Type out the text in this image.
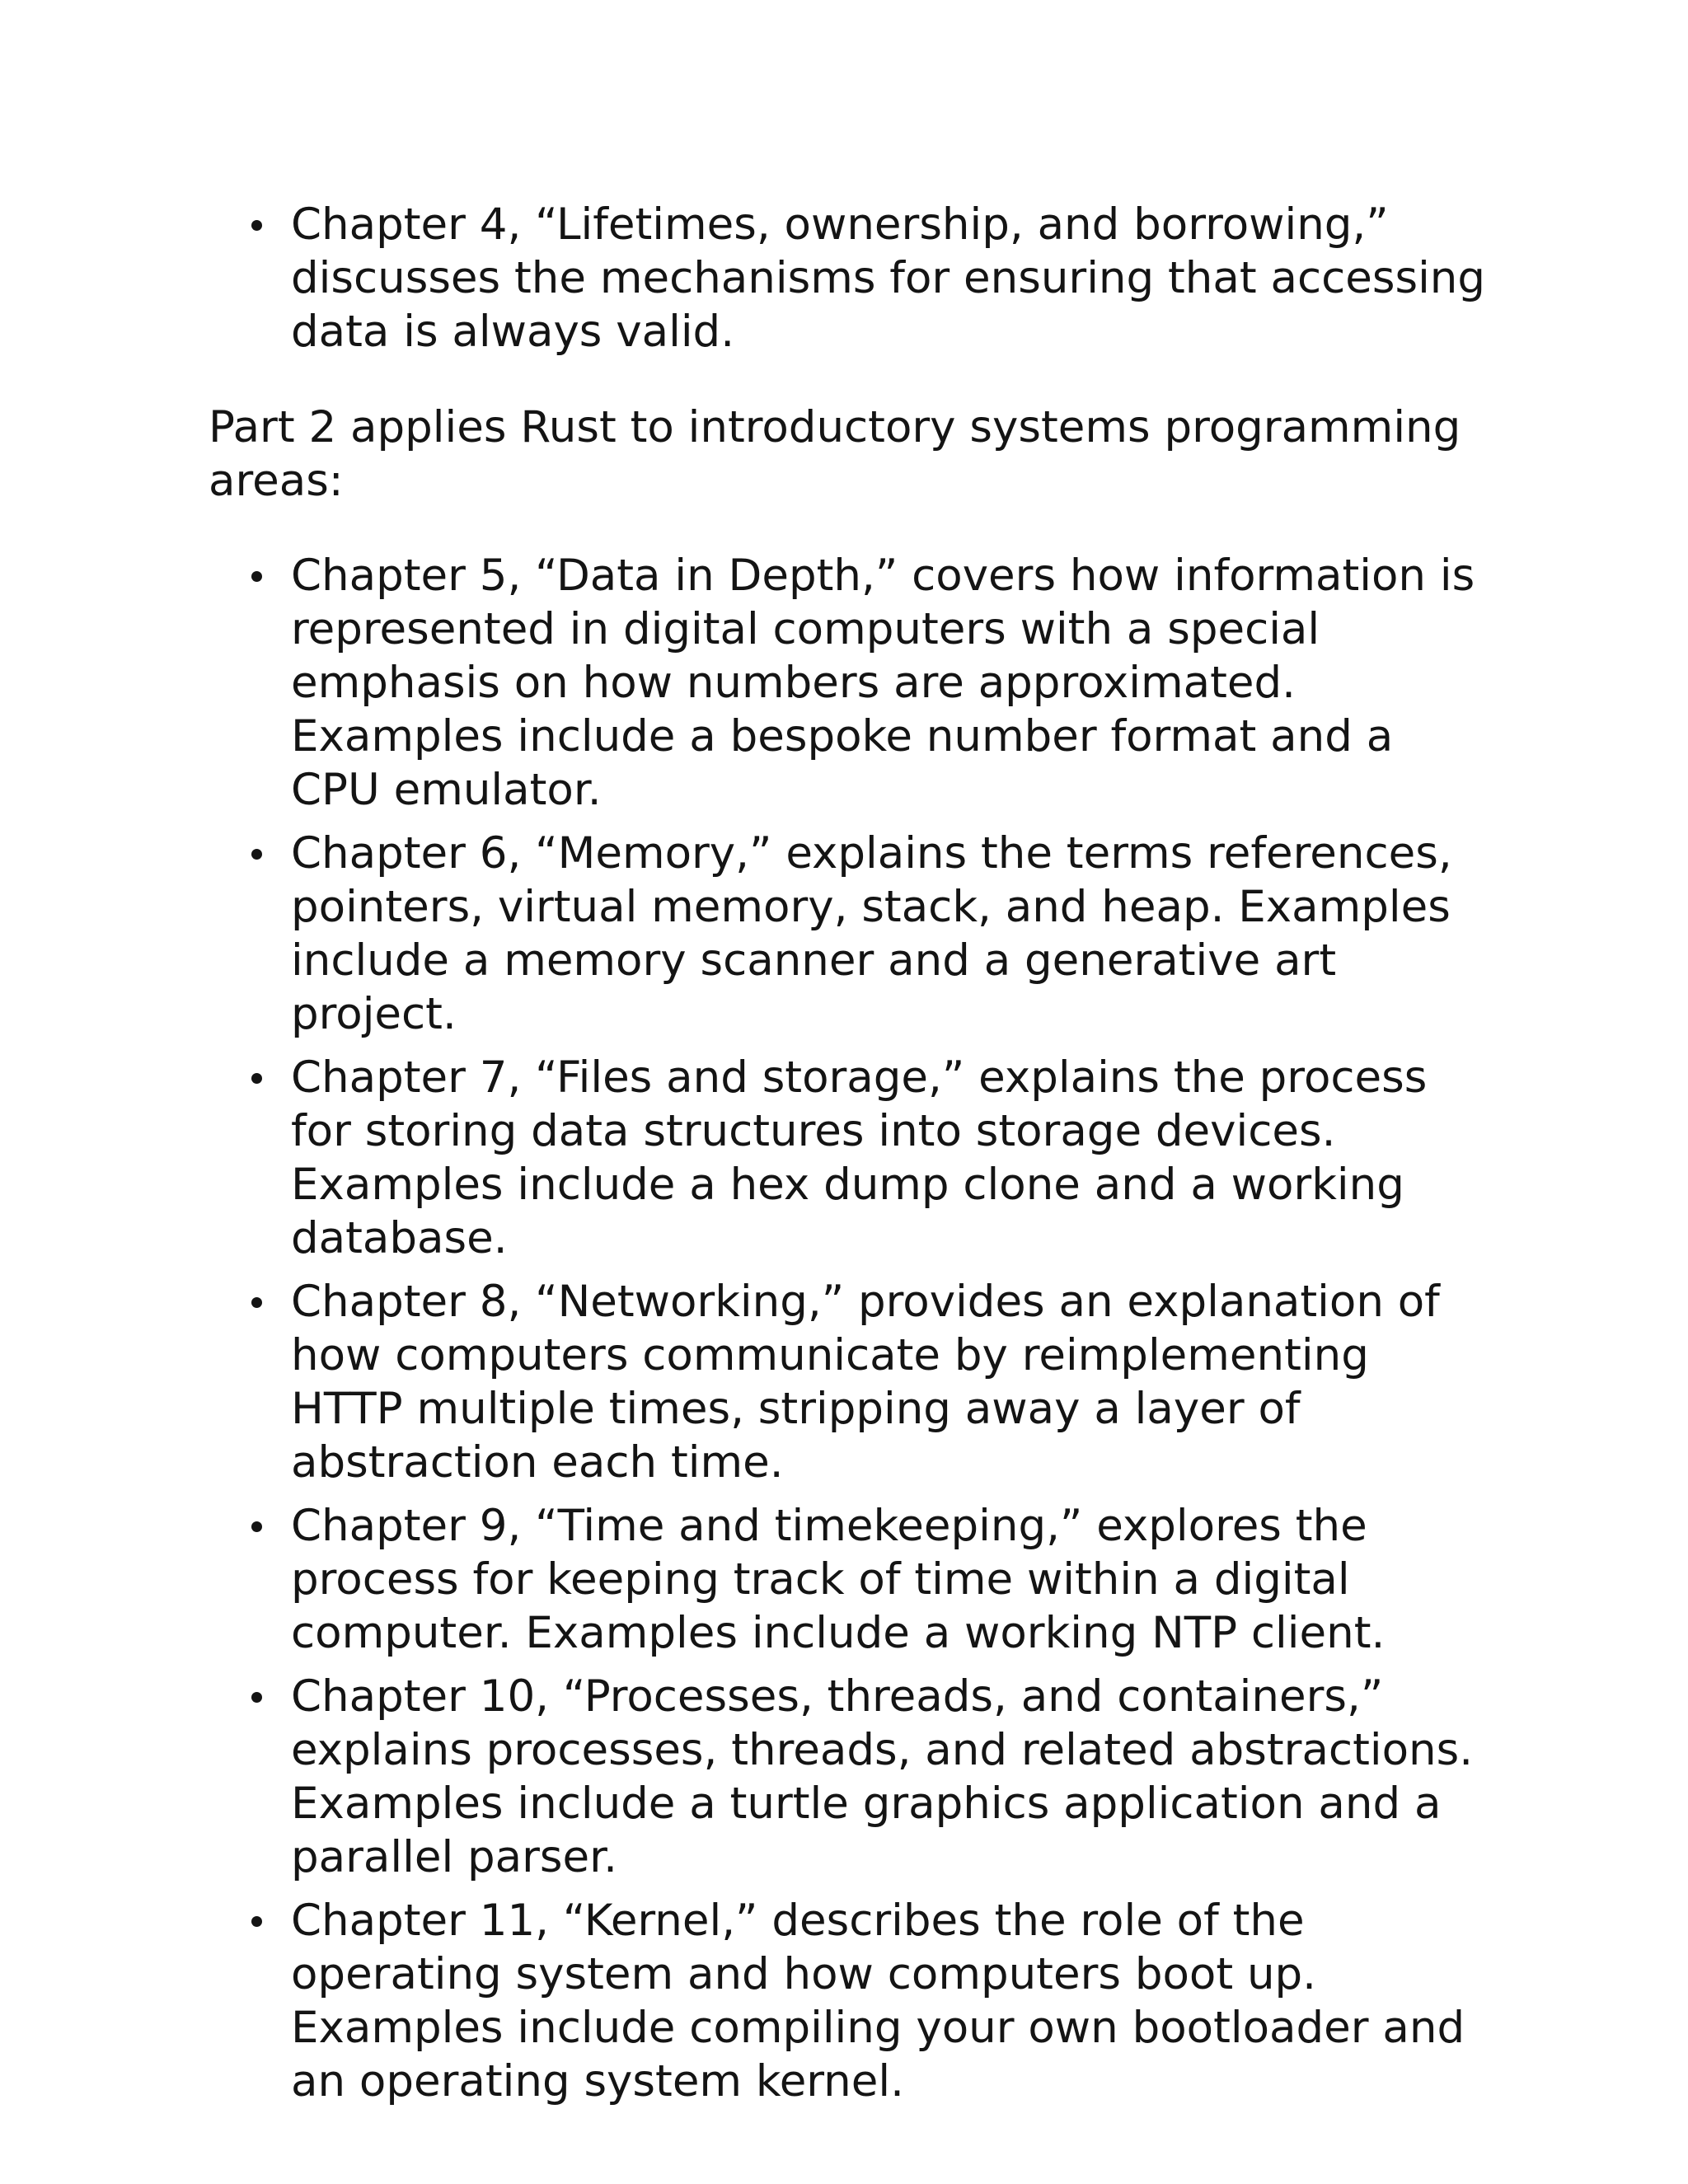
Chapter 4, “Lifetimes, ownership, and borrowing,” discusses the mechanisms for ensuring that accessing data is always valid.

Part 2 applies Rust to introductory systems programming areas:

Chapter 5, “Data in Depth,” covers how information is represented in digital computers with a special emphasis on how numbers are approximated. Examples include a bespoke number format and a CPU emulator.
Chapter 6, “Memory,” explains the terms references, pointers, virtual memory, stack, and heap. Examples include a memory scanner and a generative art project.
Chapter 7, “Files and storage,” explains the process for storing data structures into storage devices. Examples include a hex dump clone and a working database.
Chapter 8, “Networking,” provides an explanation of how computers communicate by reimplementing HTTP multiple times, stripping away a layer of abstraction each time.
Chapter 9, “Time and timekeeping,” explores the process for keeping track of time within a digital computer. Examples include a working NTP client.
Chapter 10, “Processes, threads, and containers,” explains processes, threads, and related abstractions. Examples include a turtle graphics application and a parallel parser.
Chapter 11, “Kernel,” describes the role of the operating system and how computers boot up. Examples include compiling your own bootloader and an operating system kernel.
